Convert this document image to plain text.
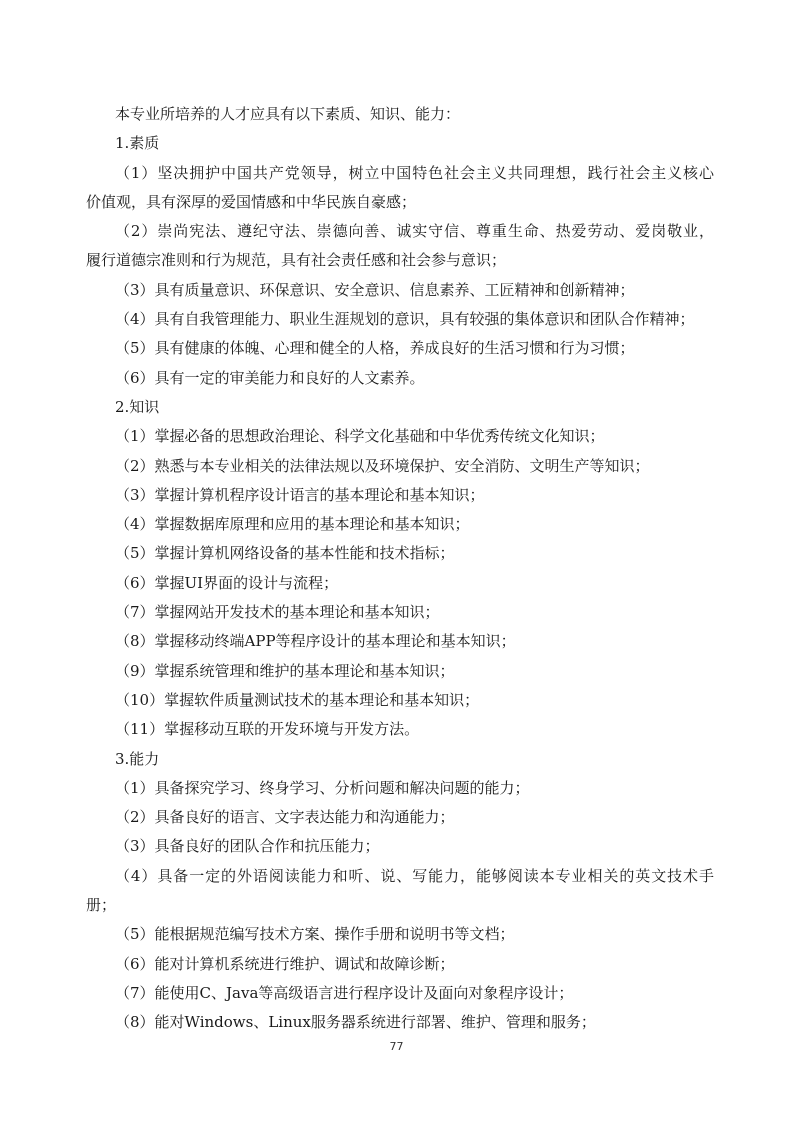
本专业所培养的人才应具有以下素质、知识、能力：
1.素质
（1）坚决拥护中国共产党领导，树立中国特色社会主义共同理想，践行社会主义核心
价值观，具有深厚的爱国情感和中华民族自豪感；
（2）崇尚宪法、遵纪守法、崇德向善、诚实守信、尊重生命、热爱劳动、爱岗敬业，
履行道德宗准则和行为规范，具有社会责任感和社会参与意识；
（3）具有质量意识、环保意识、安全意识、信息素养、工匠精神和创新精神；
（4）具有自我管理能力、职业生涯规划的意识，具有较强的集体意识和团队合作精神；
（5）具有健康的体魄、心理和健全的人格，养成良好的生活习惯和行为习惯；
（6）具有一定的审美能力和良好的人文素养。
2.知识
（1）掌握必备的思想政治理论、科学文化基础和中华优秀传统文化知识；
（2）熟悉与本专业相关的法律法规以及环境保护、安全消防、文明生产等知识；
（3）掌握计算机程序设计语言的基本理论和基本知识；
（4）掌握数据库原理和应用的基本理论和基本知识；
（5）掌握计算机网络设备的基本性能和技术指标；
（6）掌握UI界面的设计与流程；
（7）掌握网站开发技术的基本理论和基本知识；
（8）掌握移动终端APP等程序设计的基本理论和基本知识；
（9）掌握系统管理和维护的基本理论和基本知识；
（10）掌握软件质量测试技术的基本理论和基本知识；
（11）掌握移动互联的开发环境与开发方法。
3.能力
（1）具备探究学习、终身学习、分析问题和解决问题的能力；
（2）具备良好的语言、文字表达能力和沟通能力；
（3）具备良好的团队合作和抗压能力；
（4）具备一定的外语阅读能力和听、说、写能力，能够阅读本专业相关的英文技术手
册；
（5）能根据规范编写技术方案、操作手册和说明书等文档；
（6）能对计算机系统进行维护、调试和故障诊断；
（7）能使用C、Java等高级语言进行程序设计及面向对象程序设计；
（8）能对Windows、Linux服务器系统进行部署、维护、管理和服务；
77
